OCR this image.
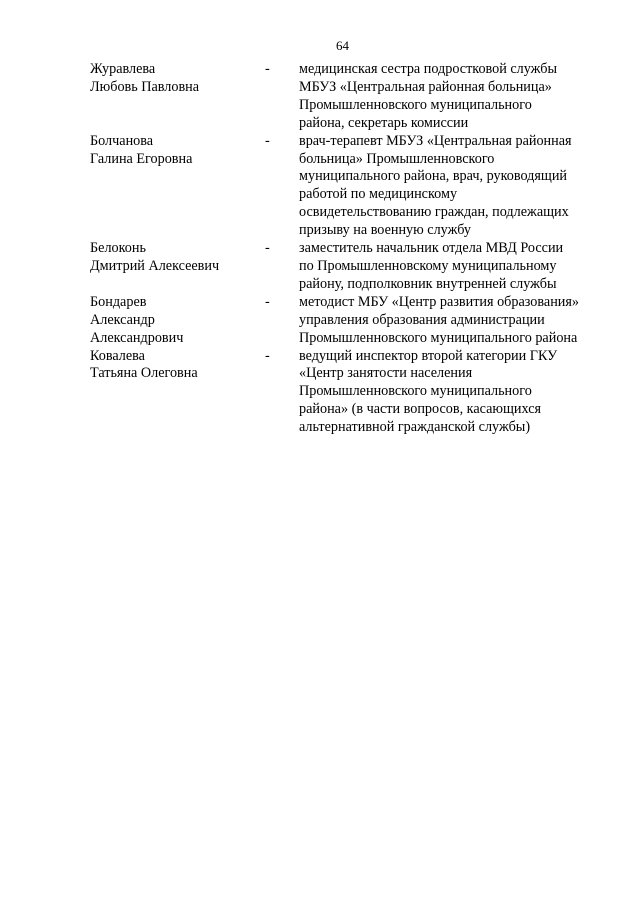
64
Журавлева
Любовь Павловна
-	медицинская сестра подростковой службы
МБУЗ «Центральная районная больница»
Промышленновского муниципального
района, секретарь комиссии
Болчанова
Галина Егоровна
-	врач-терапевт МБУЗ «Центральная районная
больница» Промышленновского
муниципального района, врач, руководящий
работой по медицинскому
освидетельствованию граждан, подлежащих
призыву на военную службу
Белоконь
Дмитрий Алексеевич
-	заместитель начальник отдела МВД России
по Промышленновскому муниципальному
району, подполковник внутренней службы
Бондарев
Александр
Александрович
-	методист МБУ «Центр развития образования»
управления образования администрации
Промышленновского муниципального района
Ковалева
Татьяна Олеговна
-	ведущий инспектор второй категории ГКУ
«Центр занятости населения
Промышленновского муниципального
района» (в части вопросов, касающихся
альтернативной гражданской службы)
